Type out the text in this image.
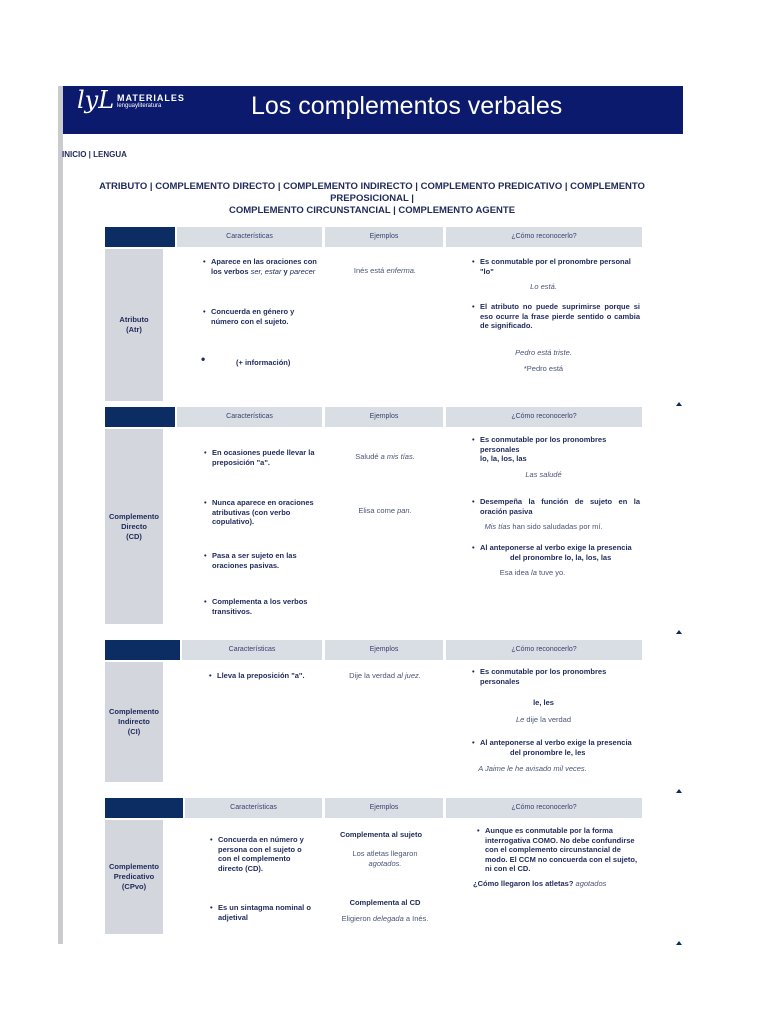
lyL MATERIALES
lenguayliteratura	Los complementos verbales
INICIO | LENGUA
ATRIBUTO | COMPLEMENTO DIRECTO | COMPLEMENTO INDIRECTO | COMPLEMENTO PREDICATIVO | COMPLEMENTO PREPOSICIONAL |
COMPLEMENTO CIRCUNSTANCIAL | COMPLEMENTO AGENTE
Características	Ejemplos	¿Cómo reconocerlo?
Atributo
(Atr)
• Aparece en las oraciones con los verbos ser, estar y parecer
• Concuerda en género y número con el sujeto.
•	(+ información)
Inés está enferma.
• Es conmutable por el pronombre personal "lo"
Lo está.
• El atributo no puede suprimirse porque si eso ocurre la frase pierde sentido o cambia de significado.
Pedro está triste.
*Pedro está
Características	Ejemplos	¿Cómo reconocerlo?
Complemento
Directo
(CD)
• En ocasiones puede llevar la preposición "a".
• Nunca aparece en oraciones atributivas (con verbo copulativo).
• Pasa a ser sujeto en las oraciones pasivas.
• Complementa a los verbos transitivos.
Saludé a mis tías.
Elisa come pan.
• Es conmutable por los pronombres personales
lo, la, los, las
Las saludé
• Desempeña la función de sujeto en la oración pasiva
Mis tías han sido saludadas por mí.
• Al anteponerse al verbo exige la presencia
del pronombre lo, la, los, las
Esa idea la tuve yo.
Características	Ejemplos	¿Cómo reconocerlo?
Complemento
Indirecto
(CI)
• Lleva la preposición "a".	Dije la verdad al juez.
•	Es conmutable por los pronombres personales
le, les
Le dije la verdad
• Al anteponerse al verbo exige la presencia
del pronombre le, les
A Jaime le he avisado mil veces.
Características	Ejemplos	¿Cómo reconocerlo?
Complemento
Predicativo
(CPvo)
• Concuerda en número y persona con el sujeto o con el complemento directo (CD).
• Es un sintagma nominal o adjetival
Complementa al sujeto
Los atletas llegaron
agotados.
Complementa al CD
Eligieron delegada a Inés.
• Aunque es conmutable por la forma interrogativa COMO. No debe confundirse con el complemento circunstancial de modo. El CCM no concuerda con el sujeto, ni con el CD.
¿Cómo llegaron los atletas? agotados
